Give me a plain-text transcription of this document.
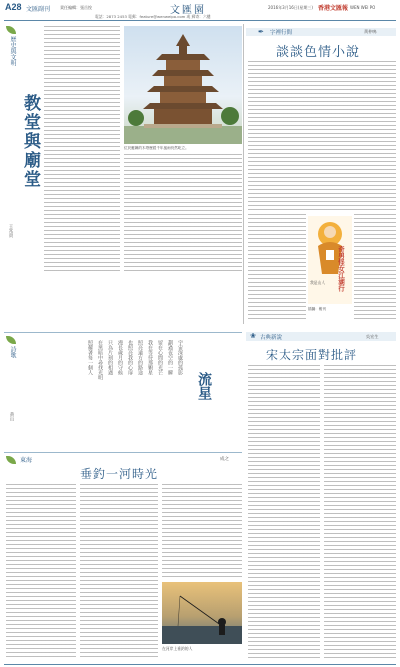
A28 文匯副刊 責任編輯：張岳悅	文匯園	2016年3月16日(星期三) 香港文匯報 WEN WEI PO
電話：2873 2453 電郵：feature@wenweipo.com 或 郵寄：六樓
歷史與文明
教堂與廟堂
王兆貴
位於應縣的木塔歷經千年風雨仍然屹立。
字裡行間
✒	黃仲鳴
談談色情小說
奇男怪女江湖行
我是山人
插圖：報刊
詩歌
黃山
宇宙深處的孤影
劃過夜空的一瞬
留在心間的光芒
我在等待那顆星
照亮遠方的路途
也照亮我的心扉
漫長歲月的守候
只為片刻的相遇
在黑暗中尋找光明
照耀著每一個人
流星
❀ 古典新說	吳宏生
宋太宗面對批評
東海	成之
垂釣一河時光
在河岸上垂釣的人
